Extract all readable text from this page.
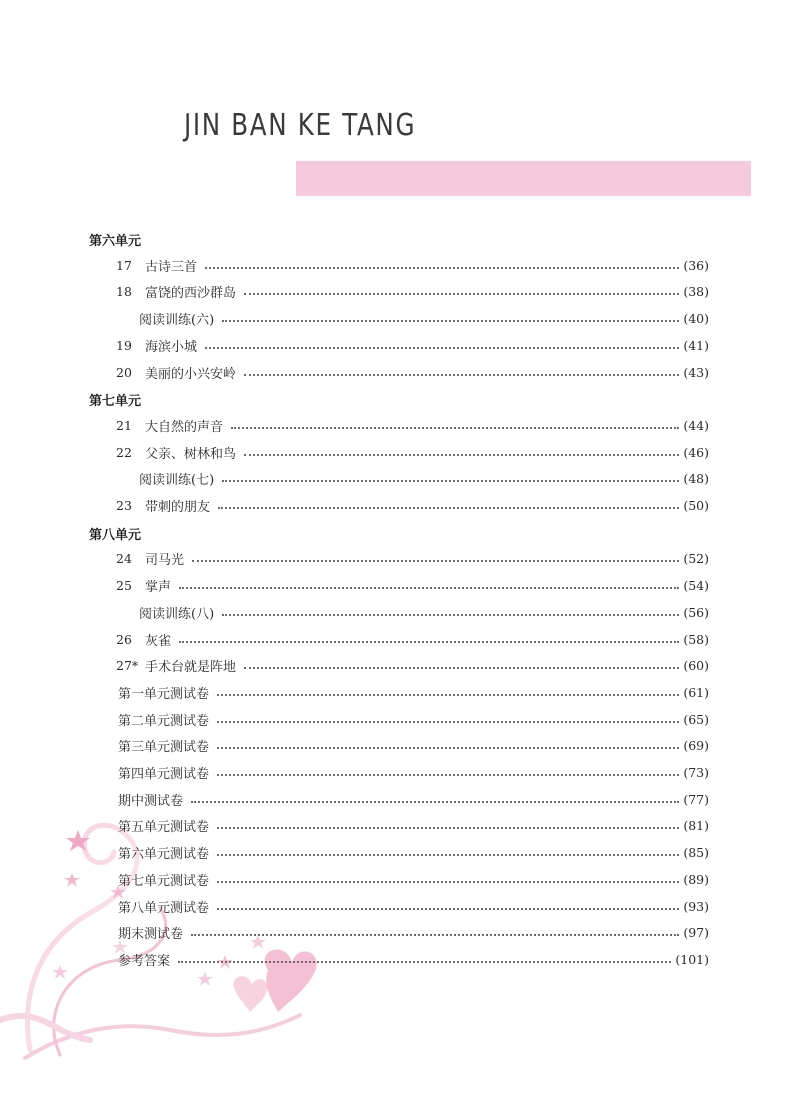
JIN BAN KE TANG
第六单元
17	古诗三首	(36)
18	富饶的西沙群岛	(38)
阅读训练(六)	(40)
19	海滨小城	(41)
20	美丽的小兴安岭	(43)
第七单元
21	大自然的声音	(44)
22	父亲、树林和鸟	(46)
阅读训练(七)	(48)
23	带刺的朋友	(50)
第八单元
24	司马光	(52)
25	掌声	(54)
阅读训练(八)	(56)
26	灰雀	(58)
27* 手术台就是阵地	(60)
第一单元测试卷	(61)
第二单元测试卷	(65)
第三单元测试卷	(69)
第四单元测试卷	(73)
期中测试卷	(77)
第五单元测试卷	(81)
第六单元测试卷	(85)
第七单元测试卷	(89)
第八单元测试卷	(93)
期末测试卷	(97)
参考答案	(101)
